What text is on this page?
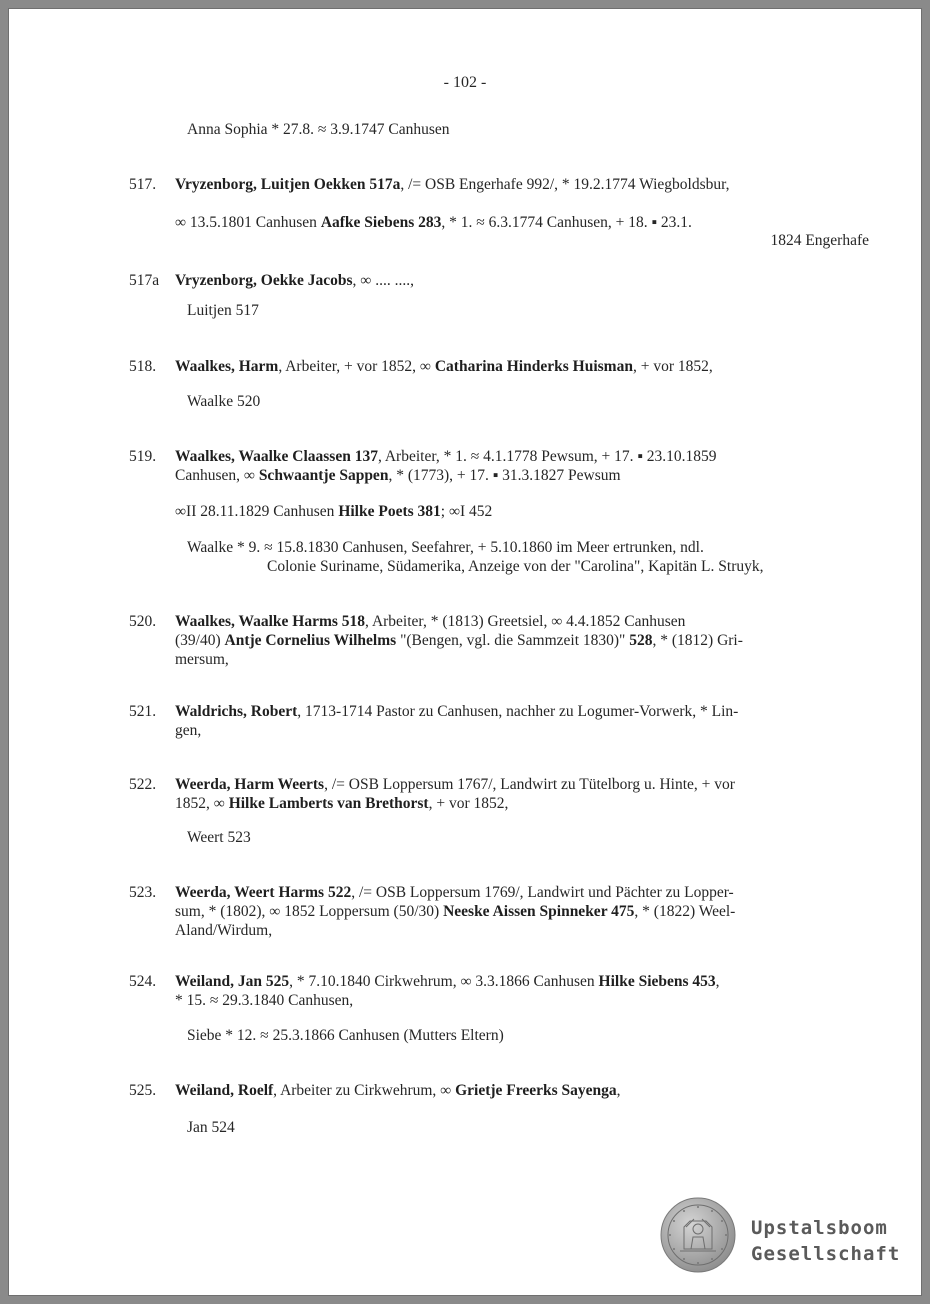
- 102 -
Anna Sophia * 27.8. ≈ 3.9.1747 Canhusen
517. Vryzenborg, Luitjen Oekken 517a, /= OSB Engerhafe 992/, * 19.2.1774 Wiegboldsbur,
∞ 13.5.1801 Canhusen Aafke Siebens 283, * 1. ≈ 6.3.1774 Canhusen, + 18. ▪ 23.1.
1824 Engerhafe
517a Vryzenborg, Oekke Jacobs, ∞ .... ....,
Luitjen 517
518. Waalkes, Harm, Arbeiter, + vor 1852, ∞ Catharina Hinderks Huisman, + vor 1852,
Waalke 520
519. Waalkes, Waalke Claassen 137, Arbeiter, * 1. ≈ 4.1.1778 Pewsum, + 17. ▪ 23.10.1859
Canhusen, ∞ Schwaantje Sappen, * (1773), + 17. ▪ 31.3.1827 Pewsum
∞II 28.11.1829 Canhusen Hilke Poets 381; ∞I 452
Waalke * 9. ≈ 15.8.1830 Canhusen, Seefahrer, + 5.10.1860 im Meer ertrunken, ndl.
Colonie Suriname, Südamerika, Anzeige von der "Carolina", Kapitän L. Struyk,
520. Waalkes, Waalke Harms 518, Arbeiter, * (1813) Greetsiel, ∞ 4.4.1852 Canhusen
(39/40) Antje Cornelius Wilhelms "(Bengen, vgl. die Sammzeit 1830)" 528, * (1812) Gri-
mersum,
521. Waldrichs, Robert, 1713-1714 Pastor zu Canhusen, nachher zu Logumer-Vorwerk, * Lin-
gen,
522. Weerda, Harm Weerts, /= OSB Loppersum 1767/, Landwirt zu Tütelborg u. Hinte, + vor
1852, ∞ Hilke Lamberts van Brethorst, + vor 1852,
Weert 523
523. Weerda, Weert Harms 522, /= OSB Loppersum 1769/, Landwirt und Pächter zu Lopper-
sum, * (1802), ∞ 1852 Loppersum (50/30) Neeske Aissen Spinneker 475, * (1822) Weel-
Aland/Wirdum,
524. Weiland, Jan 525, * 7.10.1840 Cirkwehrum, ∞ 3.3.1866 Canhusen Hilke Siebens 453,
* 15. ≈ 29.3.1840 Canhusen,
Siebe * 12. ≈ 25.3.1866 Canhusen (Mutters Eltern)
525. Weiland, Roelf, Arbeiter zu Cirkwehrum, ∞ Grietje Freerks Sayenga,
Jan 524
Upstalsboom
Gesellschaft
